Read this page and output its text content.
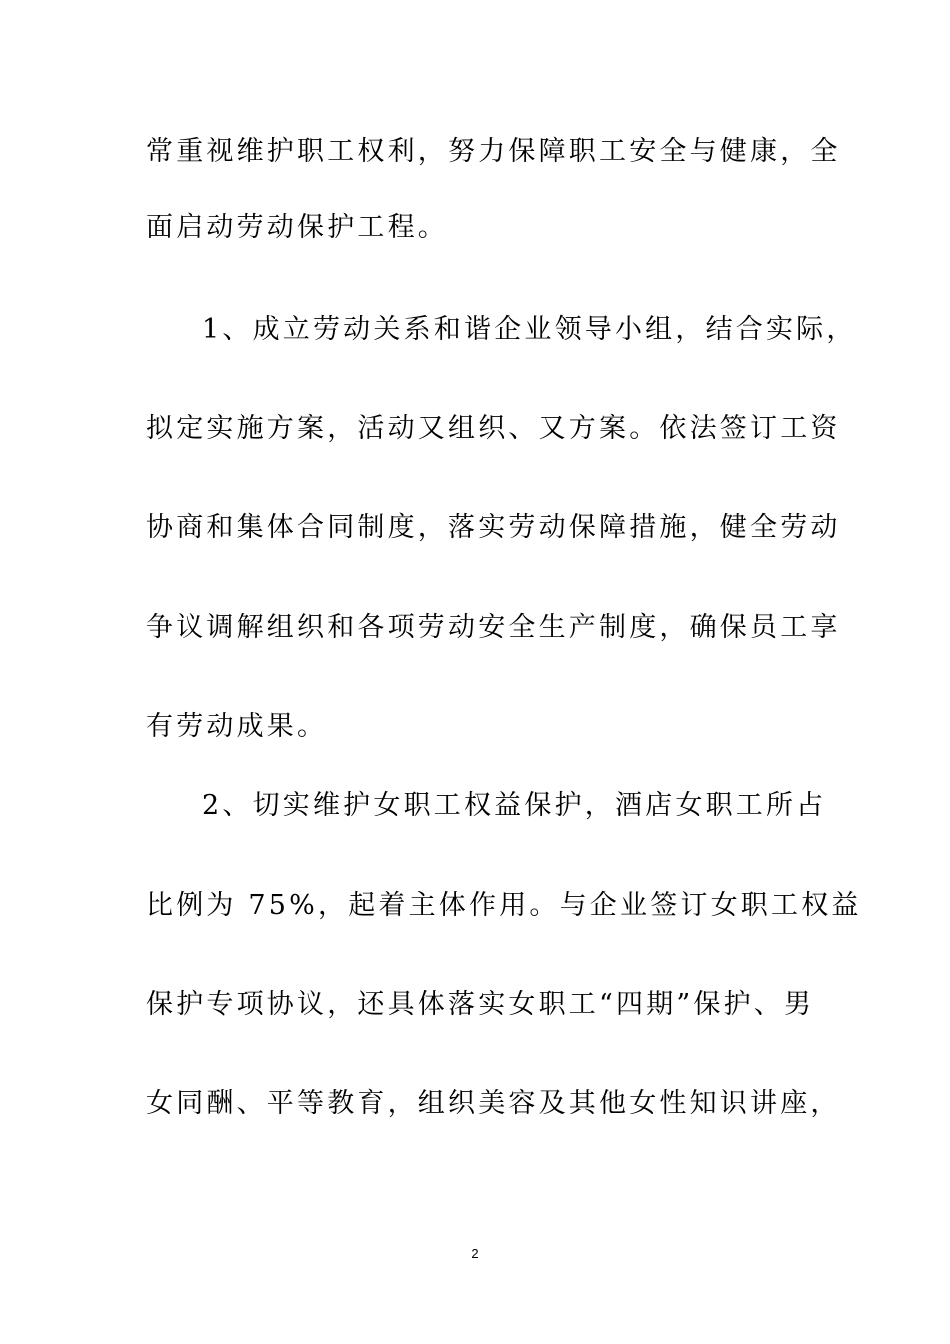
常重视维护职工权利，努力保障职工安全与健康，全
面启动劳动保护工程。
1、成立劳动关系和谐企业领导小组，结合实际，
拟定实施方案，活动又组织、又方案。依法签订工资
协商和集体合同制度，落实劳动保障措施，健全劳动
争议调解组织和各项劳动安全生产制度，确保员工享
有劳动成果。
2、切实维护女职工权益保护，酒店女职工所占
比例为 75%，起着主体作用。与企业签订女职工权益
保护专项协议，还具体落实女职工“四期”保护、男
女同酬、平等教育，组织美容及其他女性知识讲座，
2
